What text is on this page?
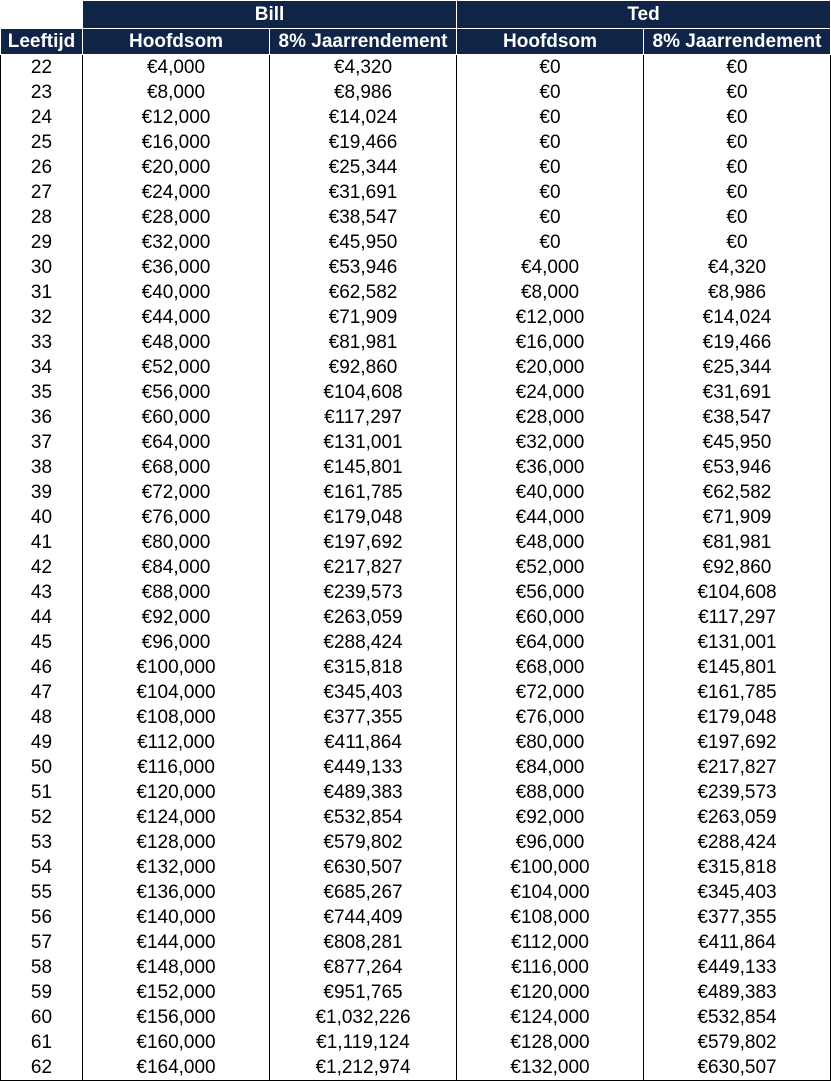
	Bill		Ted	
Leeftijd	Hoofdsom	8% Jaarrendement	Hoofdsom	8% Jaarrendement
22	€4,000	€4,320	€0	€0
23	€8,000	€8,986	€0	€0
24	€12,000	€14,024	€0	€0
25	€16,000	€19,466	€0	€0
26	€20,000	€25,344	€0	€0
27	€24,000	€31,691	€0	€0
28	€28,000	€38,547	€0	€0
29	€32,000	€45,950	€0	€0
30	€36,000	€53,946	€4,000	€4,320
31	€40,000	€62,582	€8,000	€8,986
32	€44,000	€71,909	€12,000	€14,024
33	€48,000	€81,981	€16,000	€19,466
34	€52,000	€92,860	€20,000	€25,344
35	€56,000	€104,608	€24,000	€31,691
36	€60,000	€117,297	€28,000	€38,547
37	€64,000	€131,001	€32,000	€45,950
38	€68,000	€145,801	€36,000	€53,946
39	€72,000	€161,785	€40,000	€62,582
40	€76,000	€179,048	€44,000	€71,909
41	€80,000	€197,692	€48,000	€81,981
42	€84,000	€217,827	€52,000	€92,860
43	€88,000	€239,573	€56,000	€104,608
44	€92,000	€263,059	€60,000	€117,297
45	€96,000	€288,424	€64,000	€131,001
46	€100,000	€315,818	€68,000	€145,801
47	€104,000	€345,403	€72,000	€161,785
48	€108,000	€377,355	€76,000	€179,048
49	€112,000	€411,864	€80,000	€197,692
50	€116,000	€449,133	€84,000	€217,827
51	€120,000	€489,383	€88,000	€239,573
52	€124,000	€532,854	€92,000	€263,059
53	€128,000	€579,802	€96,000	€288,424
54	€132,000	€630,507	€100,000	€315,818
55	€136,000	€685,267	€104,000	€345,403
56	€140,000	€744,409	€108,000	€377,355
57	€144,000	€808,281	€112,000	€411,864
58	€148,000	€877,264	€116,000	€449,133
59	€152,000	€951,765	€120,000	€489,383
60	€156,000	€1,032,226	€124,000	€532,854
61	€160,000	€1,119,124	€128,000	€579,802
62	€164,000	€1,212,974	€132,000	€630,507
